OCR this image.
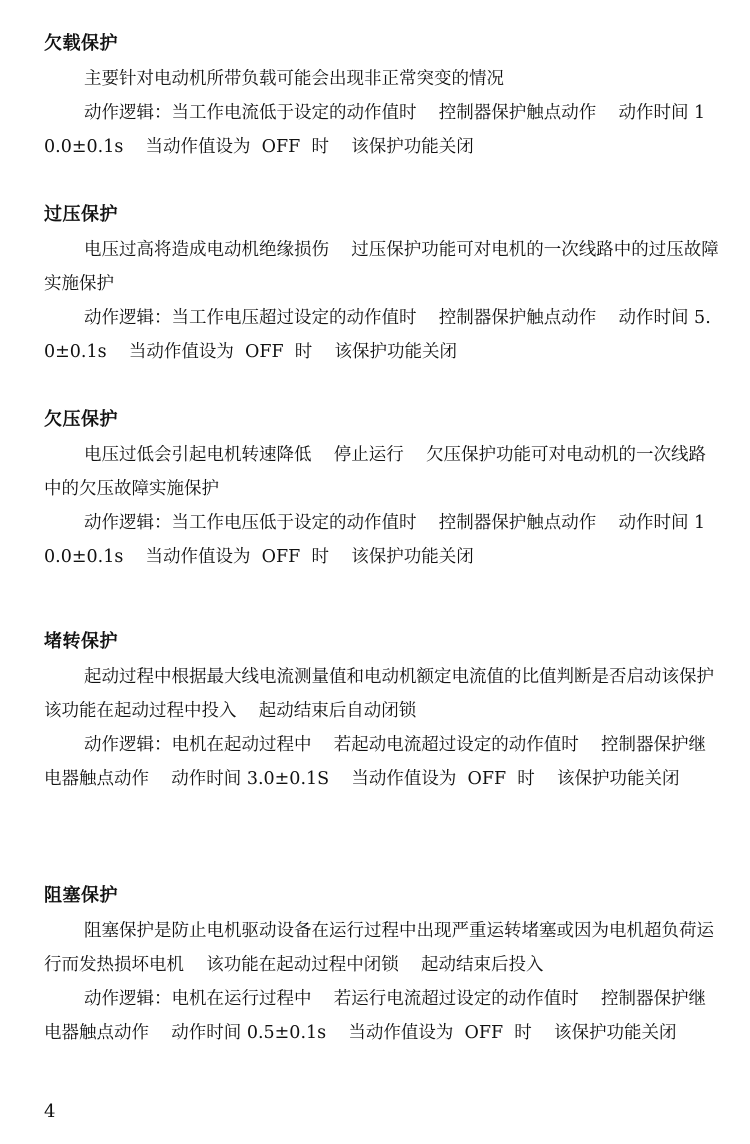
欠载保护

主要针对电动机所带负载可能会出现非正常突变的情况

动作逻辑：当工作电流低于设定的动作值时    控制器保护触点动作    动作时间 10.0±0.1s    当动作值设为  OFF  时    该保护功能关闭

过压保护

电压过高将造成电动机绝缘损伤    过压保护功能可对电机的一次线路中的过压故障实施保护

动作逻辑：当工作电压超过设定的动作值时    控制器保护触点动作    动作时间 5.0±0.1s    当动作值设为  OFF  时    该保护功能关闭

欠压保护

电压过低会引起电机转速降低    停止运行    欠压保护功能可对电动机的一次线路中的欠压故障实施保护

动作逻辑：当工作电压低于设定的动作值时    控制器保护触点动作    动作时间 10.0±0.1s    当动作值设为  OFF  时    该保护功能关闭

堵转保护

起动过程中根据最大线电流测量值和电动机额定电流值的比值判断是否启动该保护    该功能在起动过程中投入    起动结束后自动闭锁

动作逻辑：电机在起动过程中    若起动电流超过设定的动作值时    控制器保护继电器触点动作    动作时间 3.0±0.1S    当动作值设为  OFF  时    该保护功能关闭

阻塞保护

阻塞保护是防止电机驱动设备在运行过程中出现严重运转堵塞或因为电机超负荷运行而发热损坏电机    该功能在起动过程中闭锁    起动结束后投入

动作逻辑：电机在运行过程中    若运行电流超过设定的动作值时    控制器保护继电器触点动作    动作时间 0.5±0.1s    当动作值设为  OFF  时    该保护功能关闭

4
